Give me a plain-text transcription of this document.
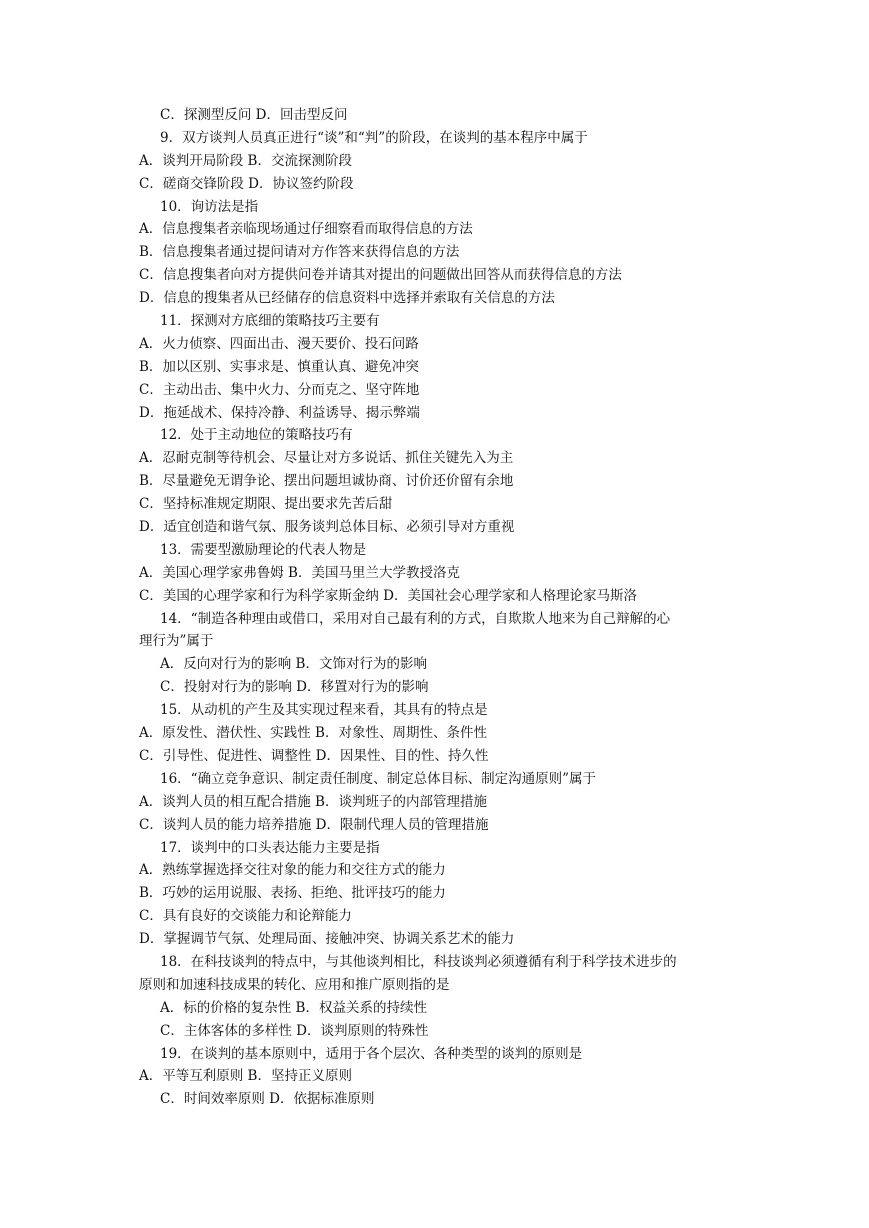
C．探测型反问 D．回击型反问
9．双方谈判人员真正进行“谈”和“判”的阶段，在谈判的基本程序中属于
A．谈判开局阶段 B．交流探测阶段
C．磋商交锋阶段 D．协议签约阶段
10．询访法是指
A．信息搜集者亲临现场通过仔细察看而取得信息的方法
B．信息搜集者通过提问请对方作答来获得信息的方法
C．信息搜集者向对方提供问卷并请其对提出的问题做出回答从而获得信息的方法
D．信息的搜集者从已经储存的信息资料中选择并索取有关信息的方法
11．探测对方底细的策略技巧主要有
A．火力侦察、四面出击、漫天要价、投石问路
B．加以区别、实事求是、慎重认真、避免冲突
C．主动出击、集中火力、分而克之、坚守阵地
D．拖延战术、保持冷静、利益诱导、揭示弊端
12．处于主动地位的策略技巧有
A．忍耐克制等待机会、尽量让对方多说话、抓住关键先入为主
B．尽量避免无谓争论、摆出问题坦诚协商、讨价还价留有余地
C．坚持标准规定期限、提出要求先苦后甜
D．适宜创造和谐气氛、服务谈判总体目标、必须引导对方重视
13．需要型激励理论的代表人物是
A．美国心理学家弗鲁姆 B．美国马里兰大学教授洛克
C．美国的心理学家和行为科学家斯金纳 D．美国社会心理学家和人格理论家马斯洛
14．“制造各种理由或借口，采用对自己最有利的方式，自欺欺人地来为自己辩解的心
理行为”属于
A．反向对行为的影响 B．文饰对行为的影响
C．投射对行为的影响 D．移置对行为的影响
15．从动机的产生及其实现过程来看，其具有的特点是
A．原发性、潜伏性、实践性 B．对象性、周期性、条件性
C．引导性、促进性、调整性 D．因果性、目的性、持久性
16．“确立竞争意识、制定责任制度、制定总体目标、制定沟通原则”属于
A．谈判人员的相互配合措施 B．谈判班子的内部管理措施
C．谈判人员的能力培养措施 D．限制代理人员的管理措施
17．谈判中的口头表达能力主要是指
A．熟练掌握选择交往对象的能力和交往方式的能力
B．巧妙的运用说服、表扬、拒绝、批评技巧的能力
C．具有良好的交谈能力和论辩能力
D．掌握调节气氛、处理局面、接触冲突、协调关系艺术的能力
18．在科技谈判的特点中，与其他谈判相比，科技谈判必须遵循有利于科学技术进步的
原则和加速科技成果的转化、应用和推广原则指的是
A．标的价格的复杂性 B．权益关系的持续性
C．主体客体的多样性 D．谈判原则的特殊性
19．在谈判的基本原则中，适用于各个层次、各种类型的谈判的原则是
A．平等互利原则 B．坚持正义原则
C．时间效率原则 D．依据标准原则
